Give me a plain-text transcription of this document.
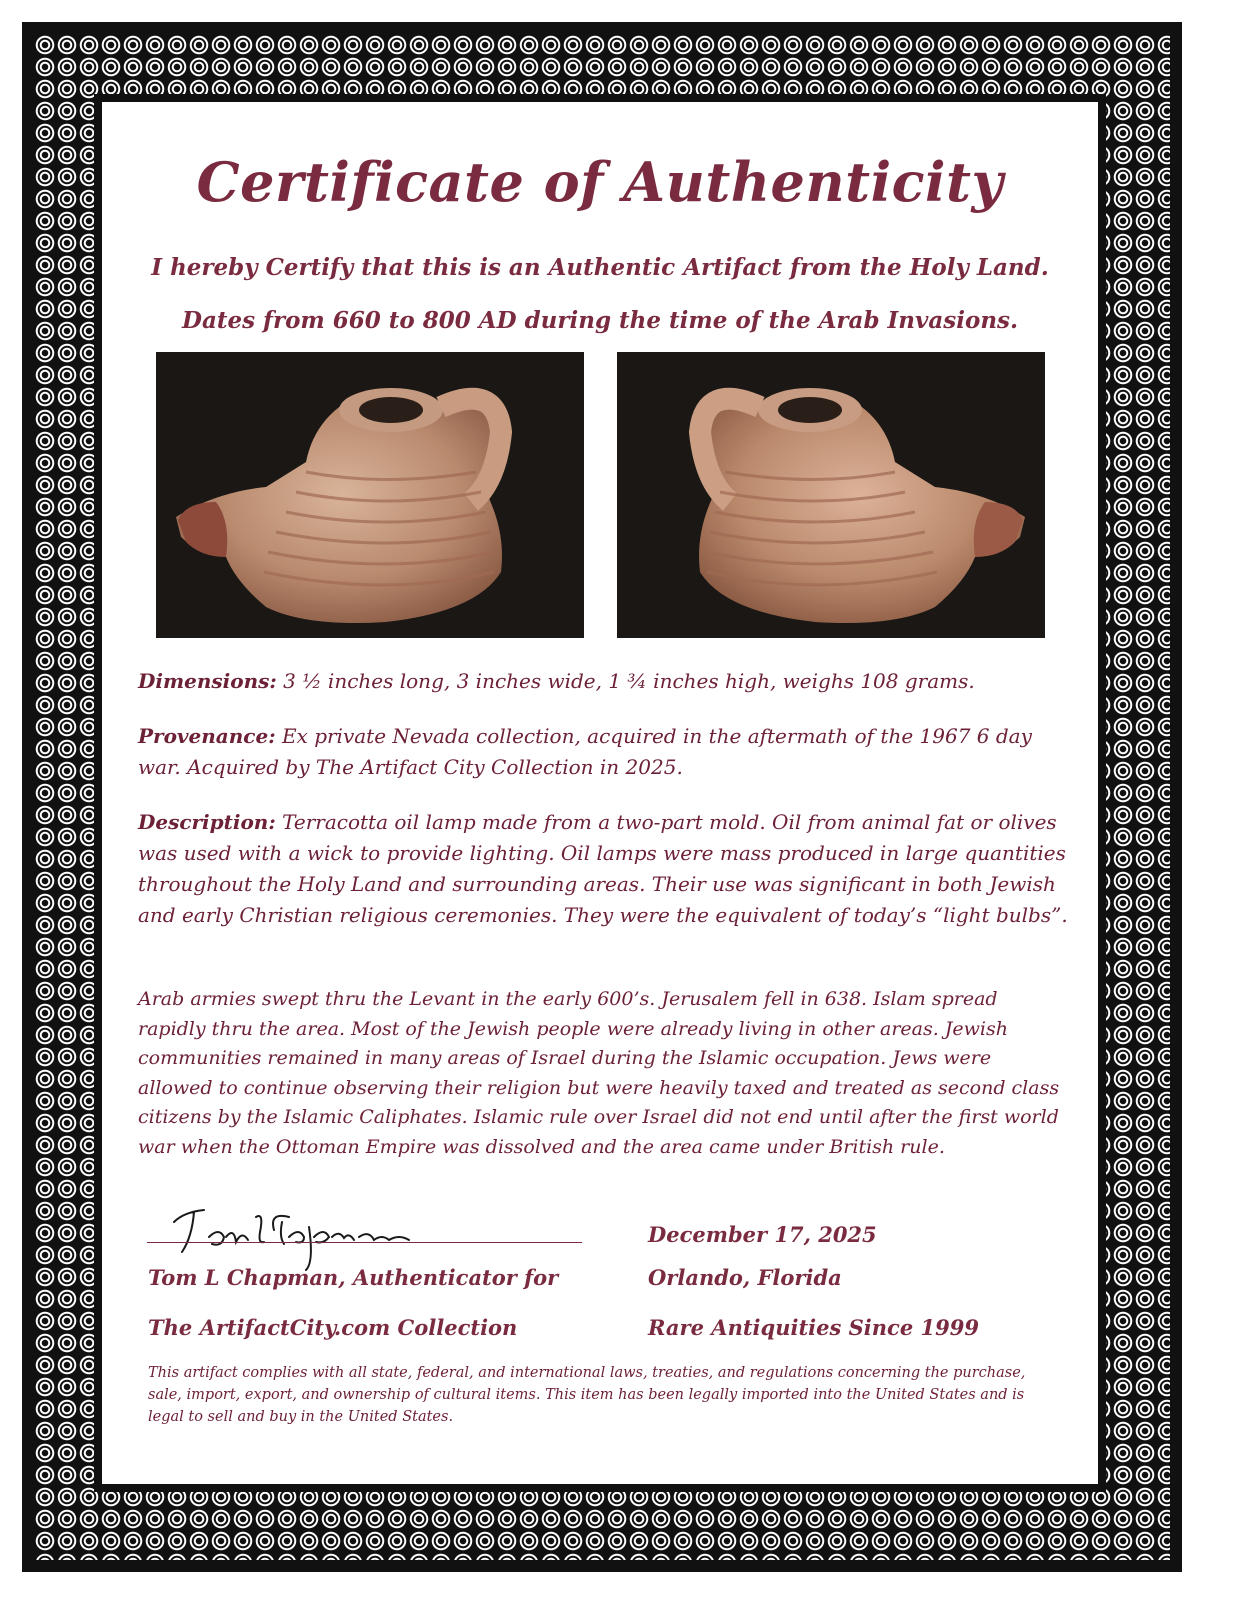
Certificate of Authenticity
I hereby Certify that this is an Authentic Artifact from the Holy Land.
Dates from 660 to 800 AD during the time of the Arab Invasions.
Dimensions: 3 ½ inches long, 3 inches wide, 1 ¾ inches high, weighs 108 grams.
Provenance: Ex private Nevada collection, acquired in the aftermath of the 1967 6 day war. Acquired by The Artifact City Collection in 2025.
Description: Terracotta oil lamp made from a two-part mold. Oil from animal fat or olives was used with a wick to provide lighting. Oil lamps were mass produced in large quantities throughout the Holy Land and surrounding areas. Their use was significant in both Jewish and early Christian religious ceremonies. They were the equivalent of today’s “light bulbs”.
Arab armies swept thru the Levant in the early 600’s. Jerusalem fell in 638. Islam spread rapidly thru the area. Most of the Jewish people were already living in other areas. Jewish communities remained in many areas of Israel during the Islamic occupation. Jews were allowed to continue observing their religion but were heavily taxed and treated as second class citizens by the Islamic Caliphates. Islamic rule over Israel did not end until after the first world war when the Ottoman Empire was dissolved and the area came under British rule.
Tom L Chapman, Authenticator for
The ArtifactCity.com Collection
December 17, 2025
Orlando, Florida
Rare Antiquities Since 1999
This artifact complies with all state, federal, and international laws, treaties, and regulations concerning the purchase, sale, import, export, and ownership of cultural items. This item has been legally imported into the United States and is legal to sell and buy in the United States.
